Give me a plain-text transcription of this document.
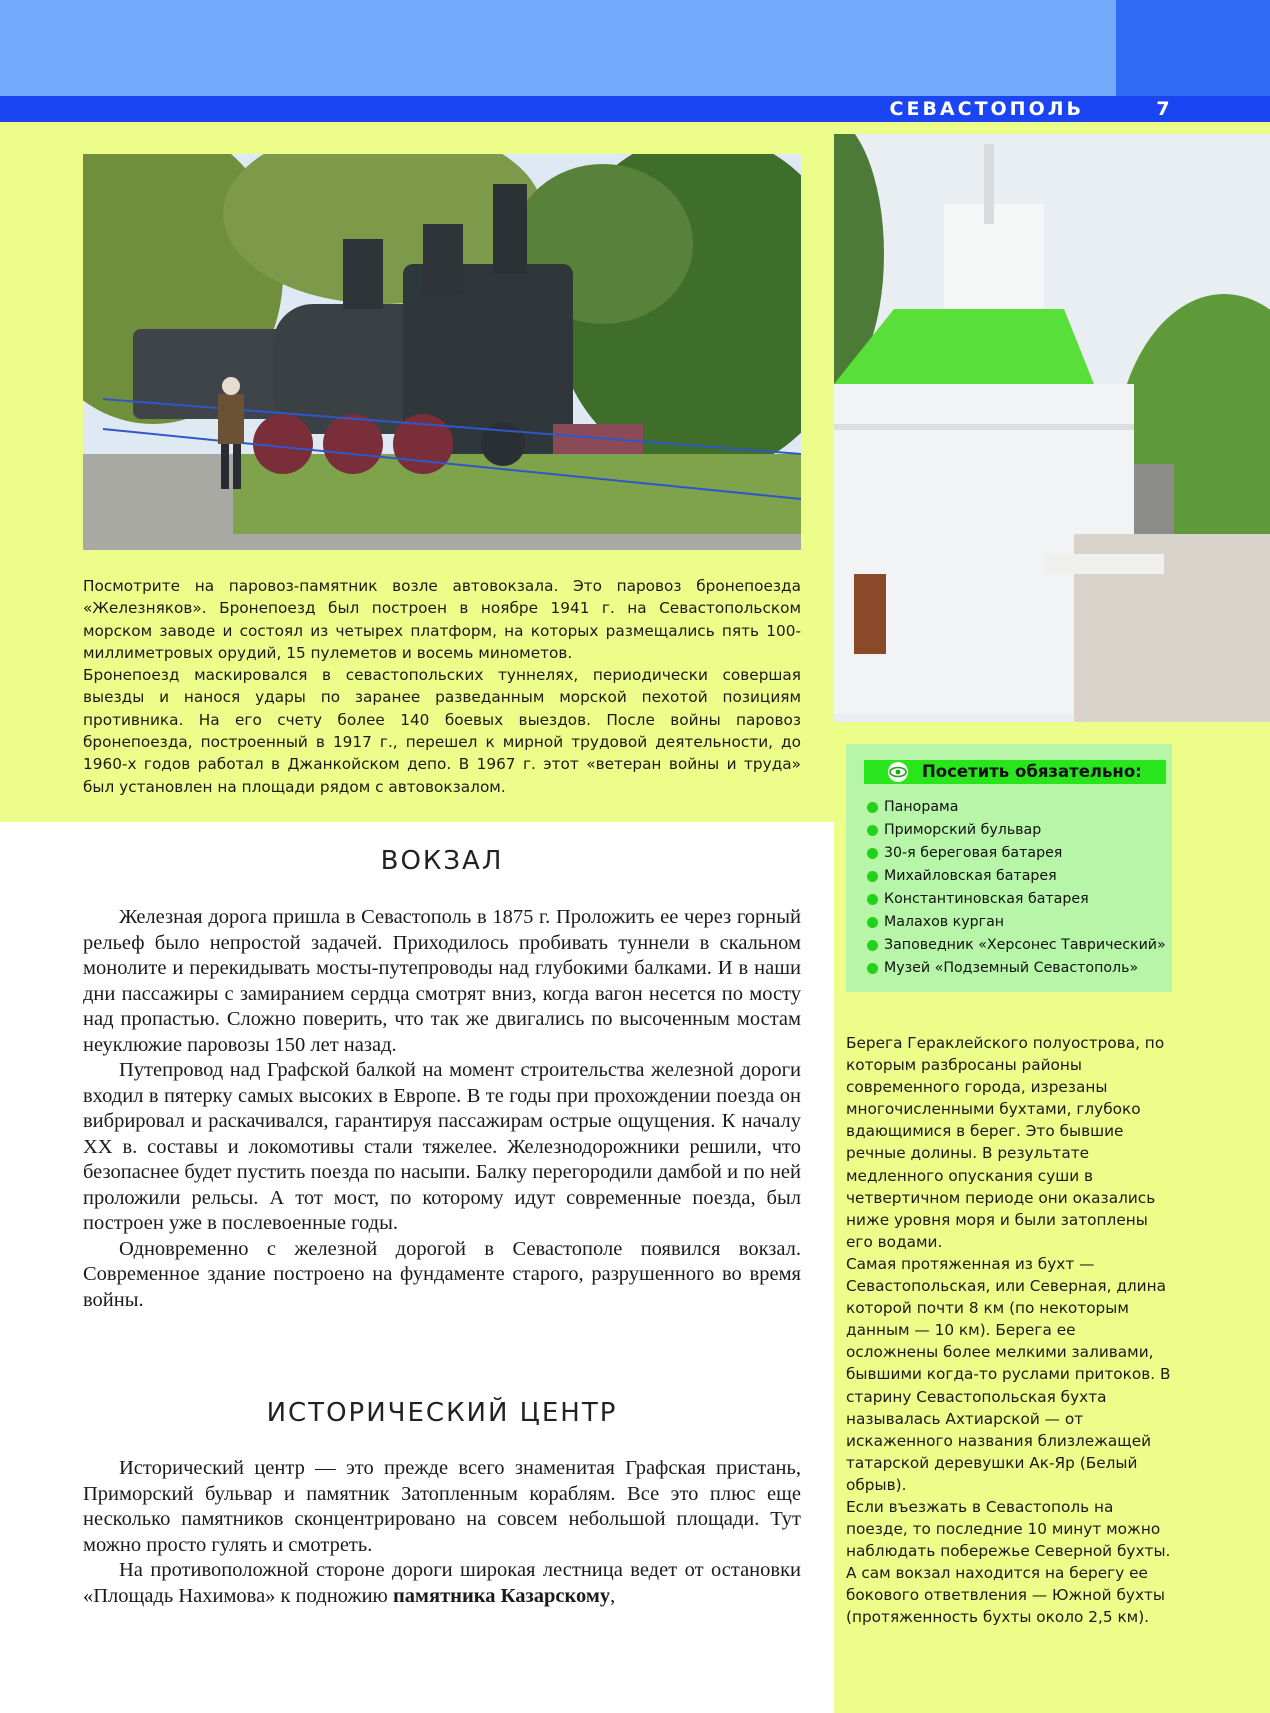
СЕВАСТОПОЛЬ	7

Посмотрите на паровоз-памятник возле автовокзала. Это паровоз бронепоезда «Железняков». Бронепоезд был построен в ноябре 1941 г. на Севастопольском морском заводе и состоял из четырех платформ, на которых размещались пять 100-миллиметровых орудий, 15 пулеметов и восемь минометов.

Бронепоезд маскировался в севастопольских туннелях, периодически совершая выезды и нанося удары по заранее разведанным морской пехотой позициям противника. На его счету более 140 боевых выездов. После войны паровоз бронепоезда, построенный в 1917 г., перешел к мирной трудовой деятельности, до 1960-х годов работал в Джанкойском депо. В 1967 г. этот «ветеран войны и труда» был установлен на площади рядом с автовокзалом.

Посетить обязательно:
Панорама
Приморский бульвар
30-я береговая батарея
Михайловская батарея
Константиновская батарея
Малахов курган
Заповедник «Херсонес Таврический»
Музей «Подземный Севастополь»

Берега Гераклейского полуострова, по которым разбросаны районы современного города, изрезаны многочисленными бухтами, глубоко вдающимися в берег. Это бывшие речные долины. В результате медленного опускания суши в четвертичном периоде они оказались ниже уровня моря и были затоплены его водами.

Самая протяженная из бухт — Севастопольская, или Северная, длина которой почти 8 км (по некоторым данным — 10 км). Берега ее осложнены более мелкими заливами, бывшими когда-то руслами притоков. В старину Севастопольская бухта называлась Ахтиарской — от искаженного названия близлежащей татарской деревушки Ак-Яр (Белый обрыв).

Если въезжать в Севастополь на поезде, то последние 10 минут можно наблюдать побережье Северной бухты. А сам вокзал находится на берегу ее бокового ответвления — Южной бухты (протяженность бухты около 2,5 км).

ВОКЗАЛ

Железная дорога пришла в Севастополь в 1875 г. Проложить ее через горный рельеф было непростой задачей. Приходилось пробивать туннели в скальном монолите и перекидывать мосты-путепроводы над глубокими балками. И в наши дни пассажиры с замиранием сердца смотрят вниз, когда вагон несется по мосту над пропастью. Сложно поверить, что так же двигались по высоченным мостам неуклюжие паровозы 150 лет назад.

Путепровод над Графской балкой на момент строительства железной дороги входил в пятерку самых высоких в Европе. В те годы при прохождении поезда он вибрировал и раскачивался, гарантируя пассажирам острые ощущения. К началу XX в. составы и локомотивы стали тяжелее. Железнодорожники решили, что безопаснее будет пустить поезда по насыпи. Балку перегородили дамбой и по ней проложили рельсы. А тот мост, по которому идут современные поезда, был построен уже в послевоенные годы.

Одновременно с железной дорогой в Севастополе появился вокзал. Современное здание построено на фундаменте старого, разрушенного во время войны.

ИСТОРИЧЕСКИЙ ЦЕНТР

Исторический центр — это прежде всего знаменитая Графская пристань, Приморский бульвар и памятник Затопленным кораблям. Все это плюс еще несколько памятников сконцентрировано на совсем небольшой площади. Тут можно просто гулять и смотреть.

На противоположной стороне дороги широкая лестница ведет от остановки «Площадь Нахимова» к подножию памятника Казарскому,
